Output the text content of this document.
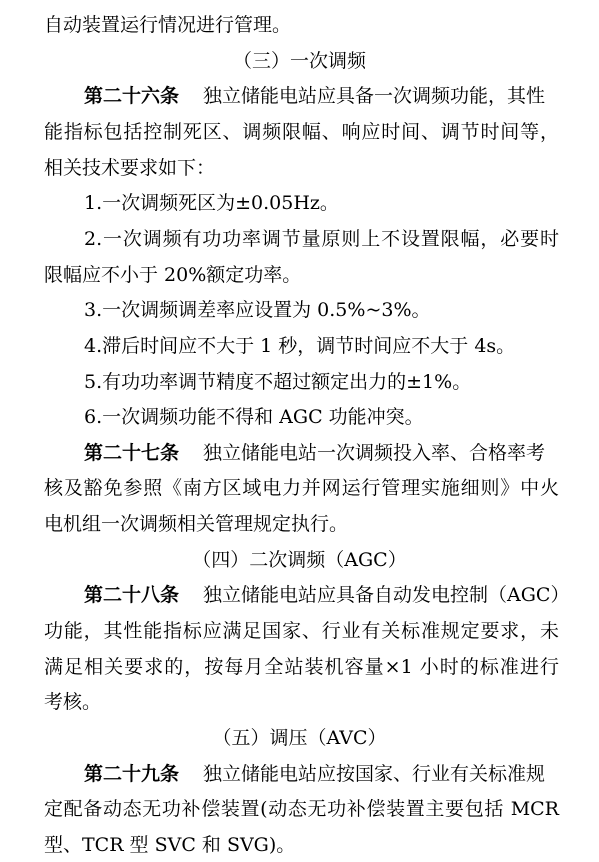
自动装置运行情况进行管理。
（三）一次调频
第二十六条 独立储能电站应具备一次调频功能，其性
能指标包括控制死区、调频限幅、响应时间、调节时间等，
相关技术要求如下：
1.一次调频死区为±0.05Hz。
2.一次调频有功功率调节量原则上不设置限幅，必要时
限幅应不小于 20%额定功率。
3.一次调频调差率应设置为 0.5%~3%。
4.滞后时间应不大于 1 秒，调节时间应不大于 4s。
5.有功功率调节精度不超过额定出力的±1%。
6.一次调频功能不得和 AGC 功能冲突。
第二十七条 独立储能电站一次调频投入率、合格率考
核及豁免参照《南方区域电力并网运行管理实施细则》中火
电机组一次调频相关管理规定执行。
（四）二次调频（AGC）
第二十八条 独立储能电站应具备自动发电控制（AGC）
功能，其性能指标应满足国家、行业有关标准规定要求，未
满足相关要求的，按每月全站装机容量×1 小时的标准进行
考核。
（五）调压（AVC）
第二十九条 独立储能电站应按国家、行业有关标准规
定配备动态无功补偿装置(动态无功补偿装置主要包括 MCR
型、TCR 型 SVC 和 SVG)。
